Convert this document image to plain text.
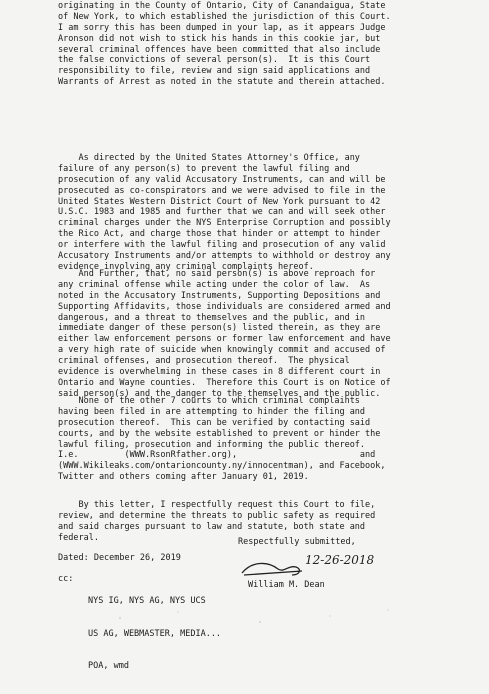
originating in the County of Ontario, City of Canandaigua, State
of New York, to which established the jurisdiction of this Court.
I am sorry this has been dumped in your lap, as it appears Judge
Aronson did not wish to stick his hands in this cookie jar, but
several criminal offences have been committed that also include
the false convictions of several person(s).  It is this Court
responsibility to file, review and sign said applications and
Warrants of Arrest as noted in the statute and therein attached.
As directed by the United States Attorney's Office, any
failure of any person(s) to prevent the lawful filing and
prosecution of any valid Accusatory Instruments, can and will be
prosecuted as co-conspirators and we were advised to file in the
United States Western District Court of New York pursuant to 42
U.S.C. 1983 and 1985 and further that we can and will seek other
criminal charges under the NYS Enterprise Corruption and possibly
the Rico Act, and charge those that hinder or attempt to hinder
or interfere with the lawful filing and prosecution of any valid
Accusatory Instruments and/or attempts to withhold or destroy any
evidence involving any criminal complaints hereof.
And Further, that, no said person(s) is above reproach for
any criminal offense while acting under the color of law.  As
noted in the Accusatory Instruments, Supporting Depositions and
Supporting Affidavits, those individuals are considered armed and
dangerous, and a threat to themselves and the public, and in
immediate danger of these person(s) listed therein, as they are
either law enforcement persons or former law enforcement and have
a very high rate of suicide when knowingly commit and accused of
criminal offenses, and prosecution thereof.  The physical
evidence is overwhelming in these cases in 8 different court in
Ontario and Wayne counties.  Therefore this Court is on Notice of
said person(s) and the danger to the themselves and the public.
None of the other 7 courts to which criminal complaints
having been filed in are attempting to hinder the filing and
prosecution thereof.  This can be verified by contacting said
courts, and by the website established to prevent or hinder the
lawful filing, prosecution and informing the public thereof.
I.e.         (WWW.RsonRfather.org),                        and
(WWW.Wikileaks.com/ontarioncounty.ny/innocentman), and Facebook,
Twitter and others coming after January 01, 2019.
By this letter, I respectfully request this Court to file,
review, and determine the threats to public safety as required
and said charges pursuant to law and statute, both state and
federal.
Dated: December 26, 2019
Respectfully submitted,
12-26-2018
William M. Dean

cc:

NYS IG, NYS AG, NYS UCS

US AG, WEBMASTER, MEDIA...

POA, wmd
